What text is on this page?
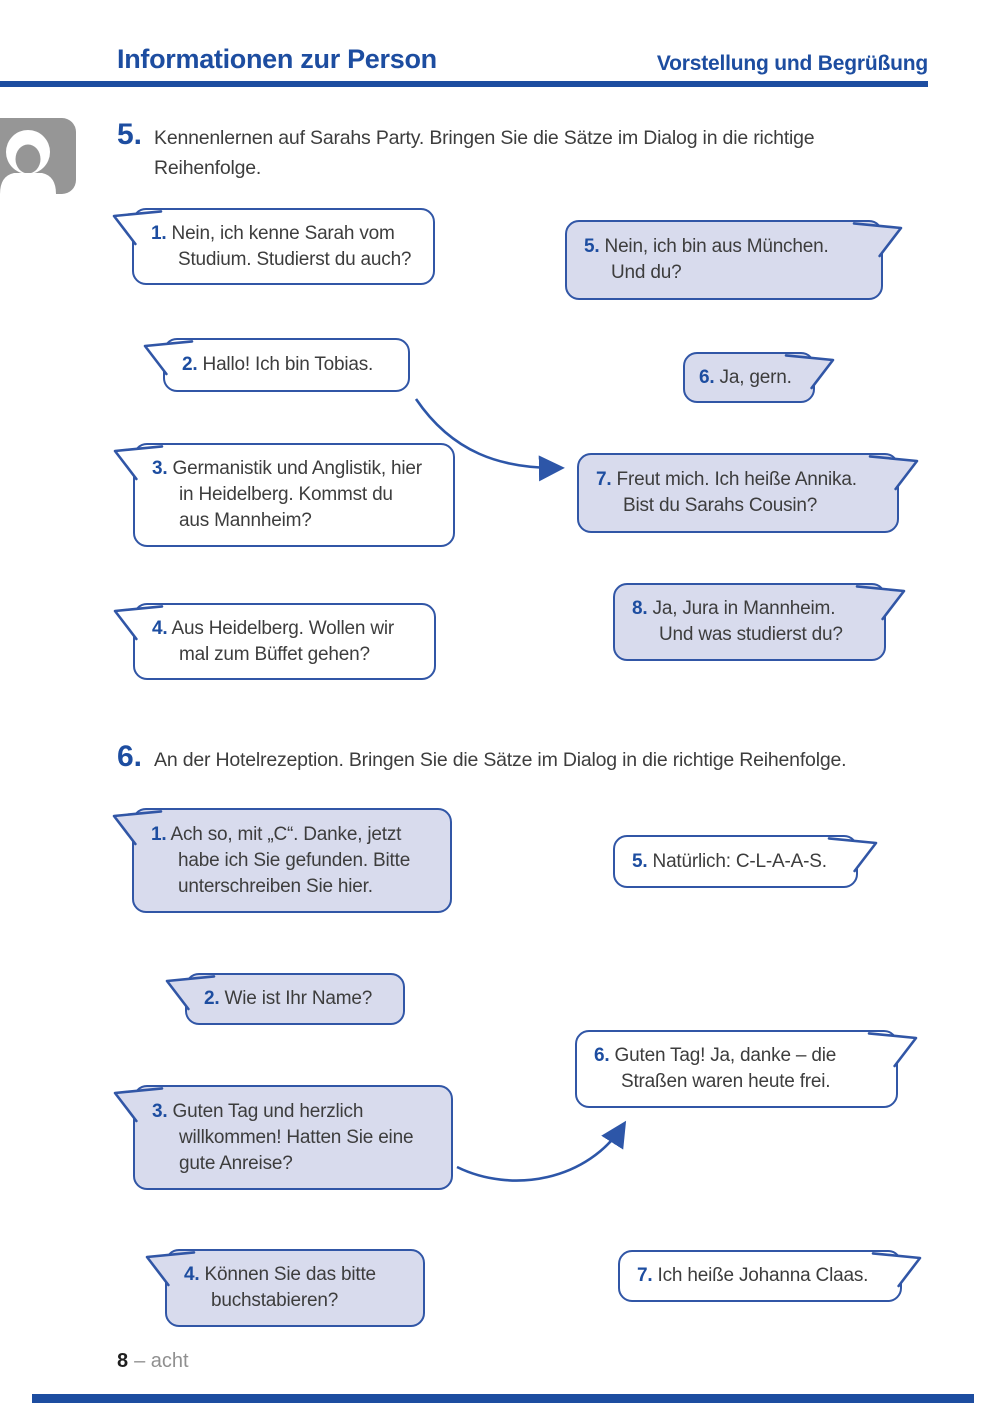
Informationen zur Person	Vorstellung und Begrüßung
5. Kennenlernen auf Sarahs Party. Bringen Sie die Sätze im Dialog in die richtige Reihenfolge.
6. An der Hotelrezeption. Bringen Sie die Sätze im Dialog in die richtige Reihenfolge.
1. Nein, ich kenne Sarah vom Studium. Studierst du auch?
2. Hallo! Ich bin Tobias.
3. Germanistik und Anglistik, hier in Heidelberg. Kommst du aus Mannheim?
4. Aus Heidelberg. Wollen wir mal zum Büffet gehen?
5. Nein, ich bin aus München. Und du?
6. Ja, gern.
7. Freut mich. Ich heiße Annika. Bist du Sarahs Cousin?
8. Ja, Jura in Mannheim. Und was studierst du?
1. Ach so, mit „C“. Danke, jetzt habe ich Sie gefunden. Bitte unterschreiben Sie hier.
2. Wie ist Ihr Name?
3. Guten Tag und herzlich willkommen! Hatten Sie eine gute Anreise?
4. Können Sie das bitte buchstabieren?
5. Natürlich: C-L-A-A-S.
6. Guten Tag! Ja, danke – die Straßen waren heute frei.
7. Ich heiße Johanna Claas.
8 – acht
